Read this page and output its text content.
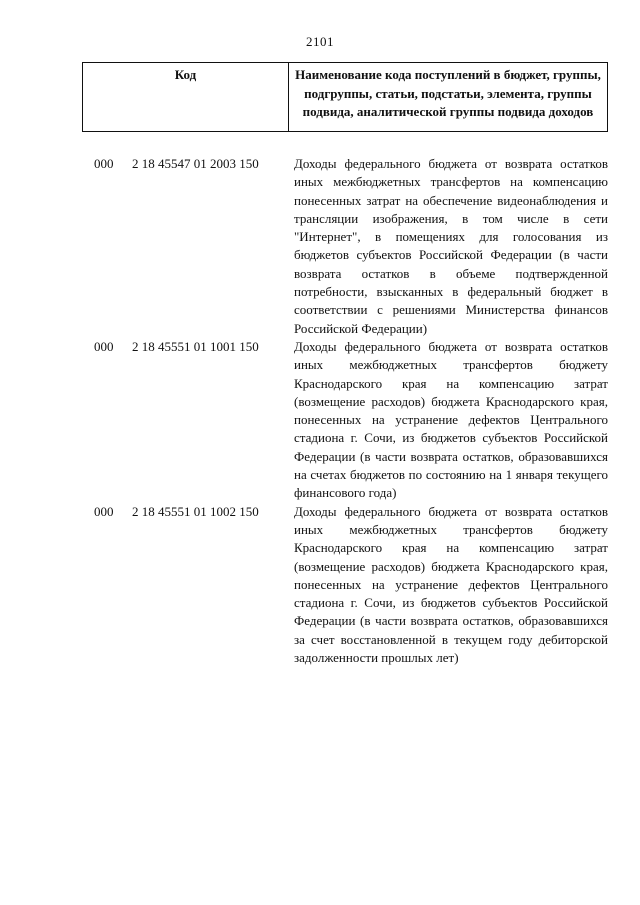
2101
Код	Наименование кода поступлений в бюджет, группы, подгруппы, статьи, подстатьи, элемента, группы подвида, аналитической группы подвида доходов
000	2 18 45547 01 2003 150	Доходы федерального бюджета от возврата остатков иных межбюджетных трансфертов на компенсацию понесенных затрат на обеспечение видеонаблюдения и трансляции изображения, в том числе в сети "Интернет", в помещениях для голосования из бюджетов субъектов Российской Федерации (в части возврата остатков в объеме подтвержденной потребности, взысканных в федеральный бюджет в соответствии с решениями Министерства финансов Российской Федерации)
000	2 18 45551 01 1001 150	Доходы федерального бюджета от возврата остатков иных межбюджетных трансфертов бюджету Краснодарского края на компенсацию затрат (возмещение расходов) бюджета Краснодарского края, понесенных на устранение дефектов Центрального стадиона г. Сочи, из бюджетов субъектов Российской Федерации (в части возврата остатков, образовавшихся на счетах бюджетов по состоянию на 1 января текущего финансового года)
000	2 18 45551 01 1002 150	Доходы федерального бюджета от возврата остатков иных межбюджетных трансфертов бюджету Краснодарского края на компенсацию затрат (возмещение расходов) бюджета Краснодарского края, понесенных на устранение дефектов Центрального стадиона г. Сочи, из бюджетов субъектов Российской Федерации (в части возврата остатков, образовавшихся за счет восстановленной в текущем году дебиторской задолженности прошлых лет)
